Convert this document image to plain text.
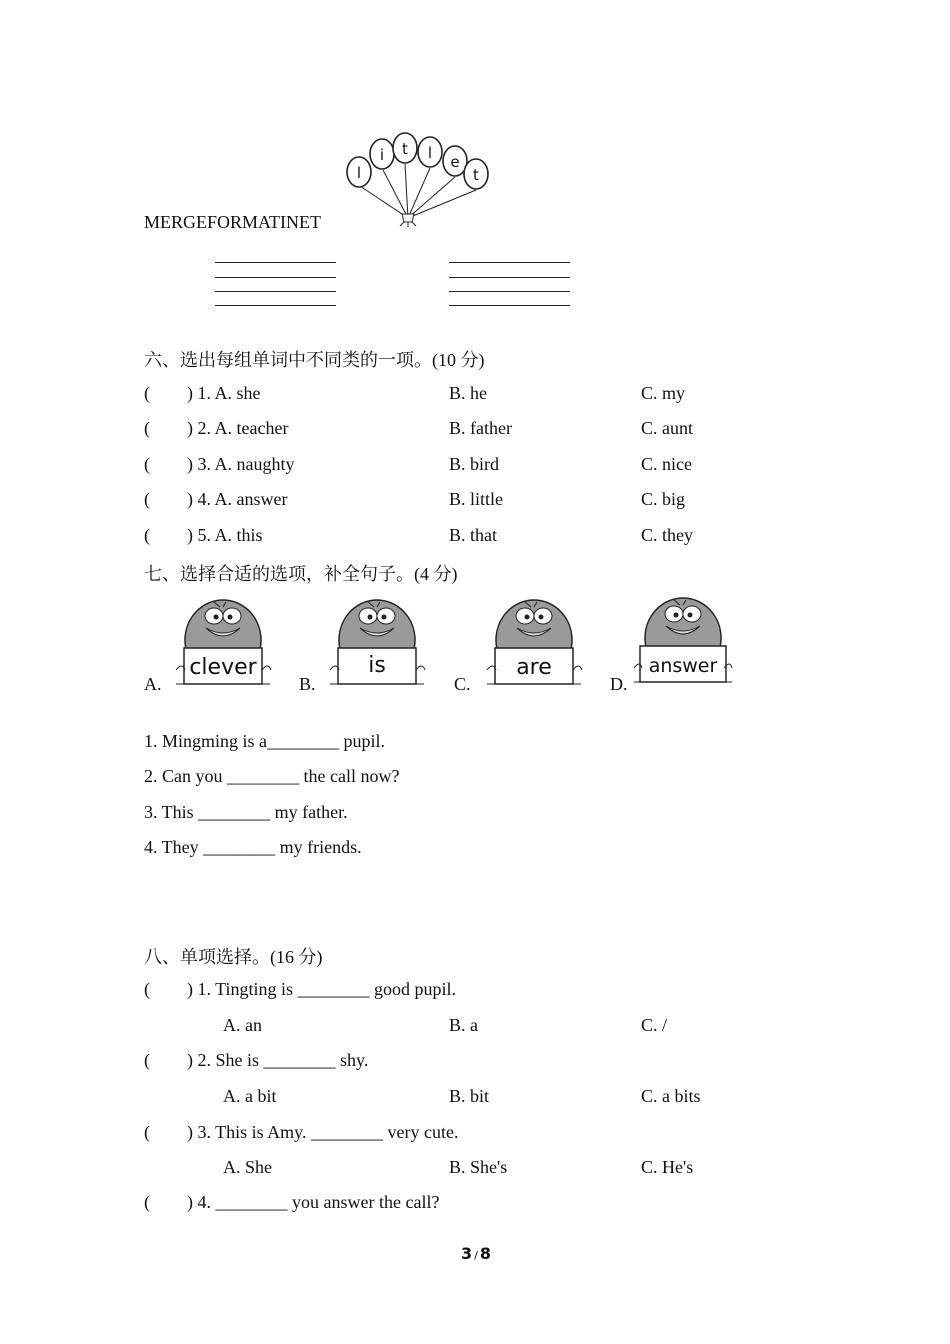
l
i t l e
t
MERGEFORMATINET
六、选出每组单词中不同类的一项。(10 分)
( ) 1. A. she	B. he	C. my
( ) 2. A. teacher	B. father	C. aunt
( ) 3. A. naughty	B. bird	C. nice
( ) 4. A. answer	B. little	C. big
( ) 5. A. this	B. that	C. they
七、选择合适的选项，补全句子。(4 分)
A.
clever
B.
is
C.
are
D.
answer
1. Mingming is a________ pupil.
2. Can you ________ the call now?
3. This ________ my father.
4. They ________ my friends.
八、单项选择。(16 分)
( ) 1. Tingting is ________ good pupil.
A. an	B. a	C. /
( ) 2. She is ________ shy.
A. a bit	B. bit	C. a bits
( ) 3. This is Amy. ________ very cute.
A. She	B. She's	C. He's
( ) 4. ________ you answer the call?
3 / 8
